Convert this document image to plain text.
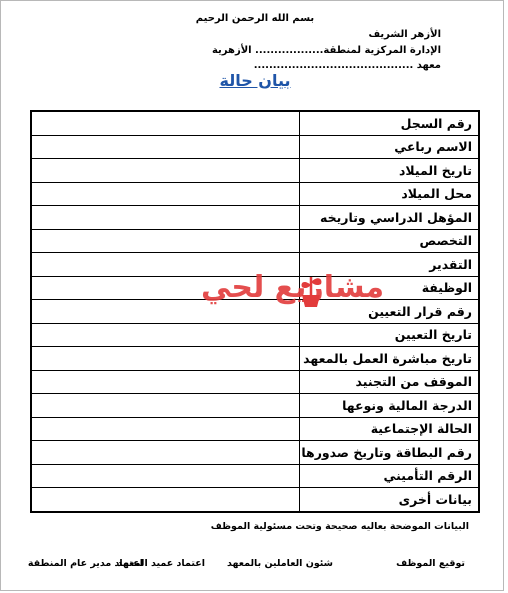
بسم الله الرحمن الرحيم
الأزهر الشريف
الإدارة المركزية لمنطقة.................. الأزهرية
معهد ..........................................
بيان حالة
رقم السجل	
الاسم رباعي	
تاريخ الميلاد	
محل الميلاد	
المؤهل الدراسي وتاريخه	
التخصص	
التقدير	
الوظيفة	
رقم قرار التعيين	
تاريخ التعيين	
تاريخ مباشرة العمل بالمعهد	
الموقف من التجنيد	
الدرجة المالية ونوعها	
الحالة الإجتماعية	
رقم البطاقة وتاريخ صدورها	
الرقم التأميني	
بيانات أخرى	
مشاريع لحي
البيانات الموضحة بعاليه صحيحة وتحت مسئولية الموظف
توقيع الموظف
شئون العاملين بالمعهد
اعتماد عميد المعهد
اعتماد مدير عام المنطقة
